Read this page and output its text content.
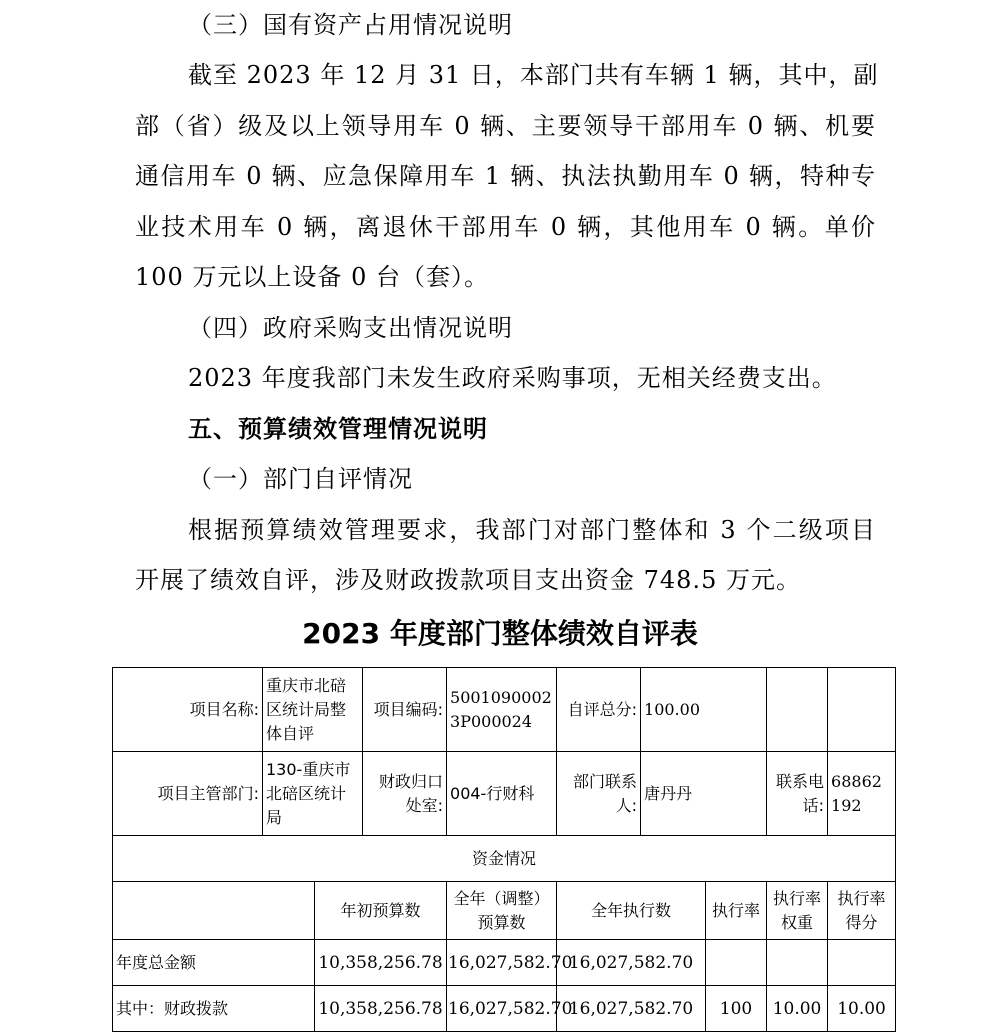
（三）国有资产占用情况说明
截至 2023 年 12 月 31 日，本部门共有车辆 1 辆，其中，副
部（省）级及以上领导用车 0 辆、主要领导干部用车 0 辆、机要
通信用车 0 辆、应急保障用车 1 辆、执法执勤用车 0 辆，特种专
业技术用车 0 辆，离退休干部用车 0 辆，其他用车 0 辆。单价
100 万元以上设备 0 台（套）。
（四）政府采购支出情况说明
2023 年度我部门未发生政府采购事项，无相关经费支出。
五、预算绩效管理情况说明
（一）部门自评情况
根据预算绩效管理要求，我部门对部门整体和 3 个二级项目
开展了绩效自评，涉及财政拨款项目支出资金 748.5 万元。
2023 年度部门整体绩效自评表
项目名称:	重庆市北碚区统计局整体自评		项目编码:	50010900023P000024	自评总分:	100.00			
项目主管部门:	130-重庆市北碚区统计局		财政归口处室:	004-行财科	部门联系人:	唐丹丹		联系电话:	68862192
资金情况									
		年初预算数		全年（调整）预算数	全年执行数		执行率	执行率权重	执行率得分
年度总金额		10,358,256.78		16,027,582.70	16,027,582.70				
其中：财政拨款		10,358,256.78		16,027,582.70	16,027,582.70		100	10.00	10.00
